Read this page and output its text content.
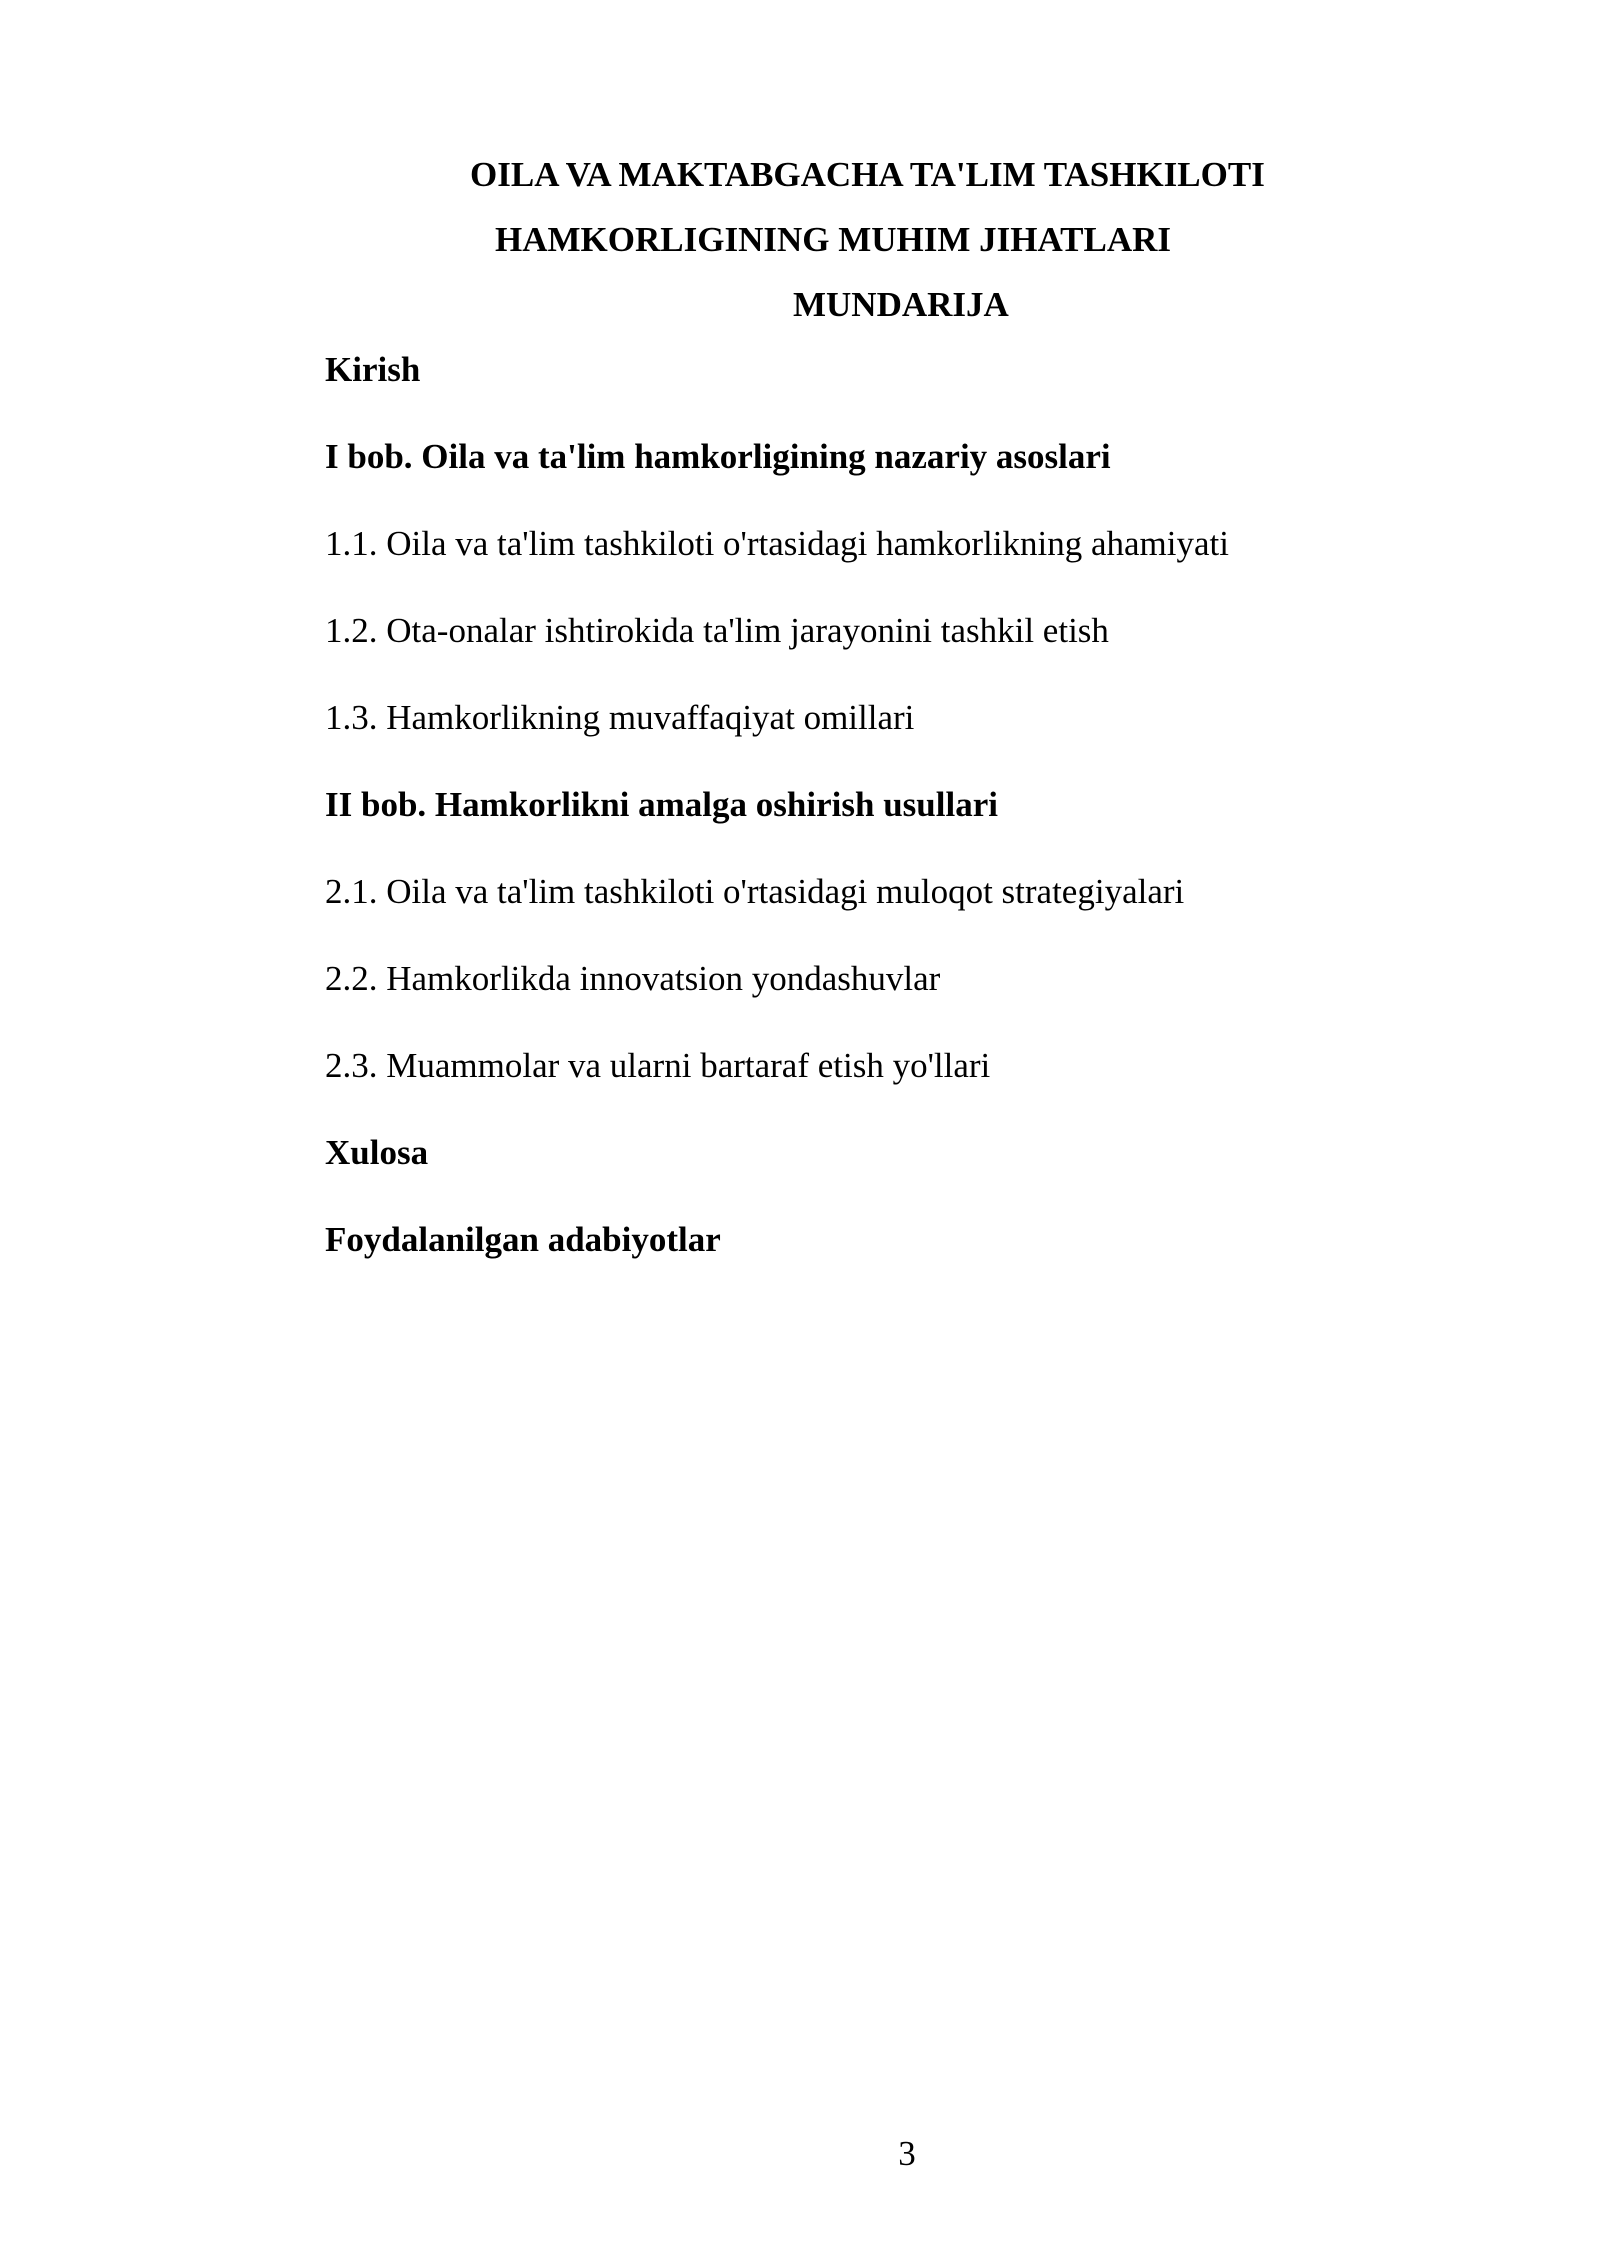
OILA VA MAKTABGACHA TA'LIM TASHKILOTI
HAMKORLIGINING MUHIM JIHATLARI
MUNDARIJA
Kirish
I bob. Oila va ta'lim hamkorligining nazariy asoslari
1.1. Oila va ta'lim tashkiloti o'rtasidagi hamkorlikning ahamiyati
1.2. Ota-onalar ishtirokida ta'lim jarayonini tashkil etish
1.3. Hamkorlikning muvaffaqiyat omillari
II bob. Hamkorlikni amalga oshirish usullari
2.1. Oila va ta'lim tashkiloti o'rtasidagi muloqot strategiyalari
2.2. Hamkorlikda innovatsion yondashuvlar
2.3. Muammolar va ularni bartaraf etish yo'llari
Xulosa
Foydalanilgan adabiyotlar
3
